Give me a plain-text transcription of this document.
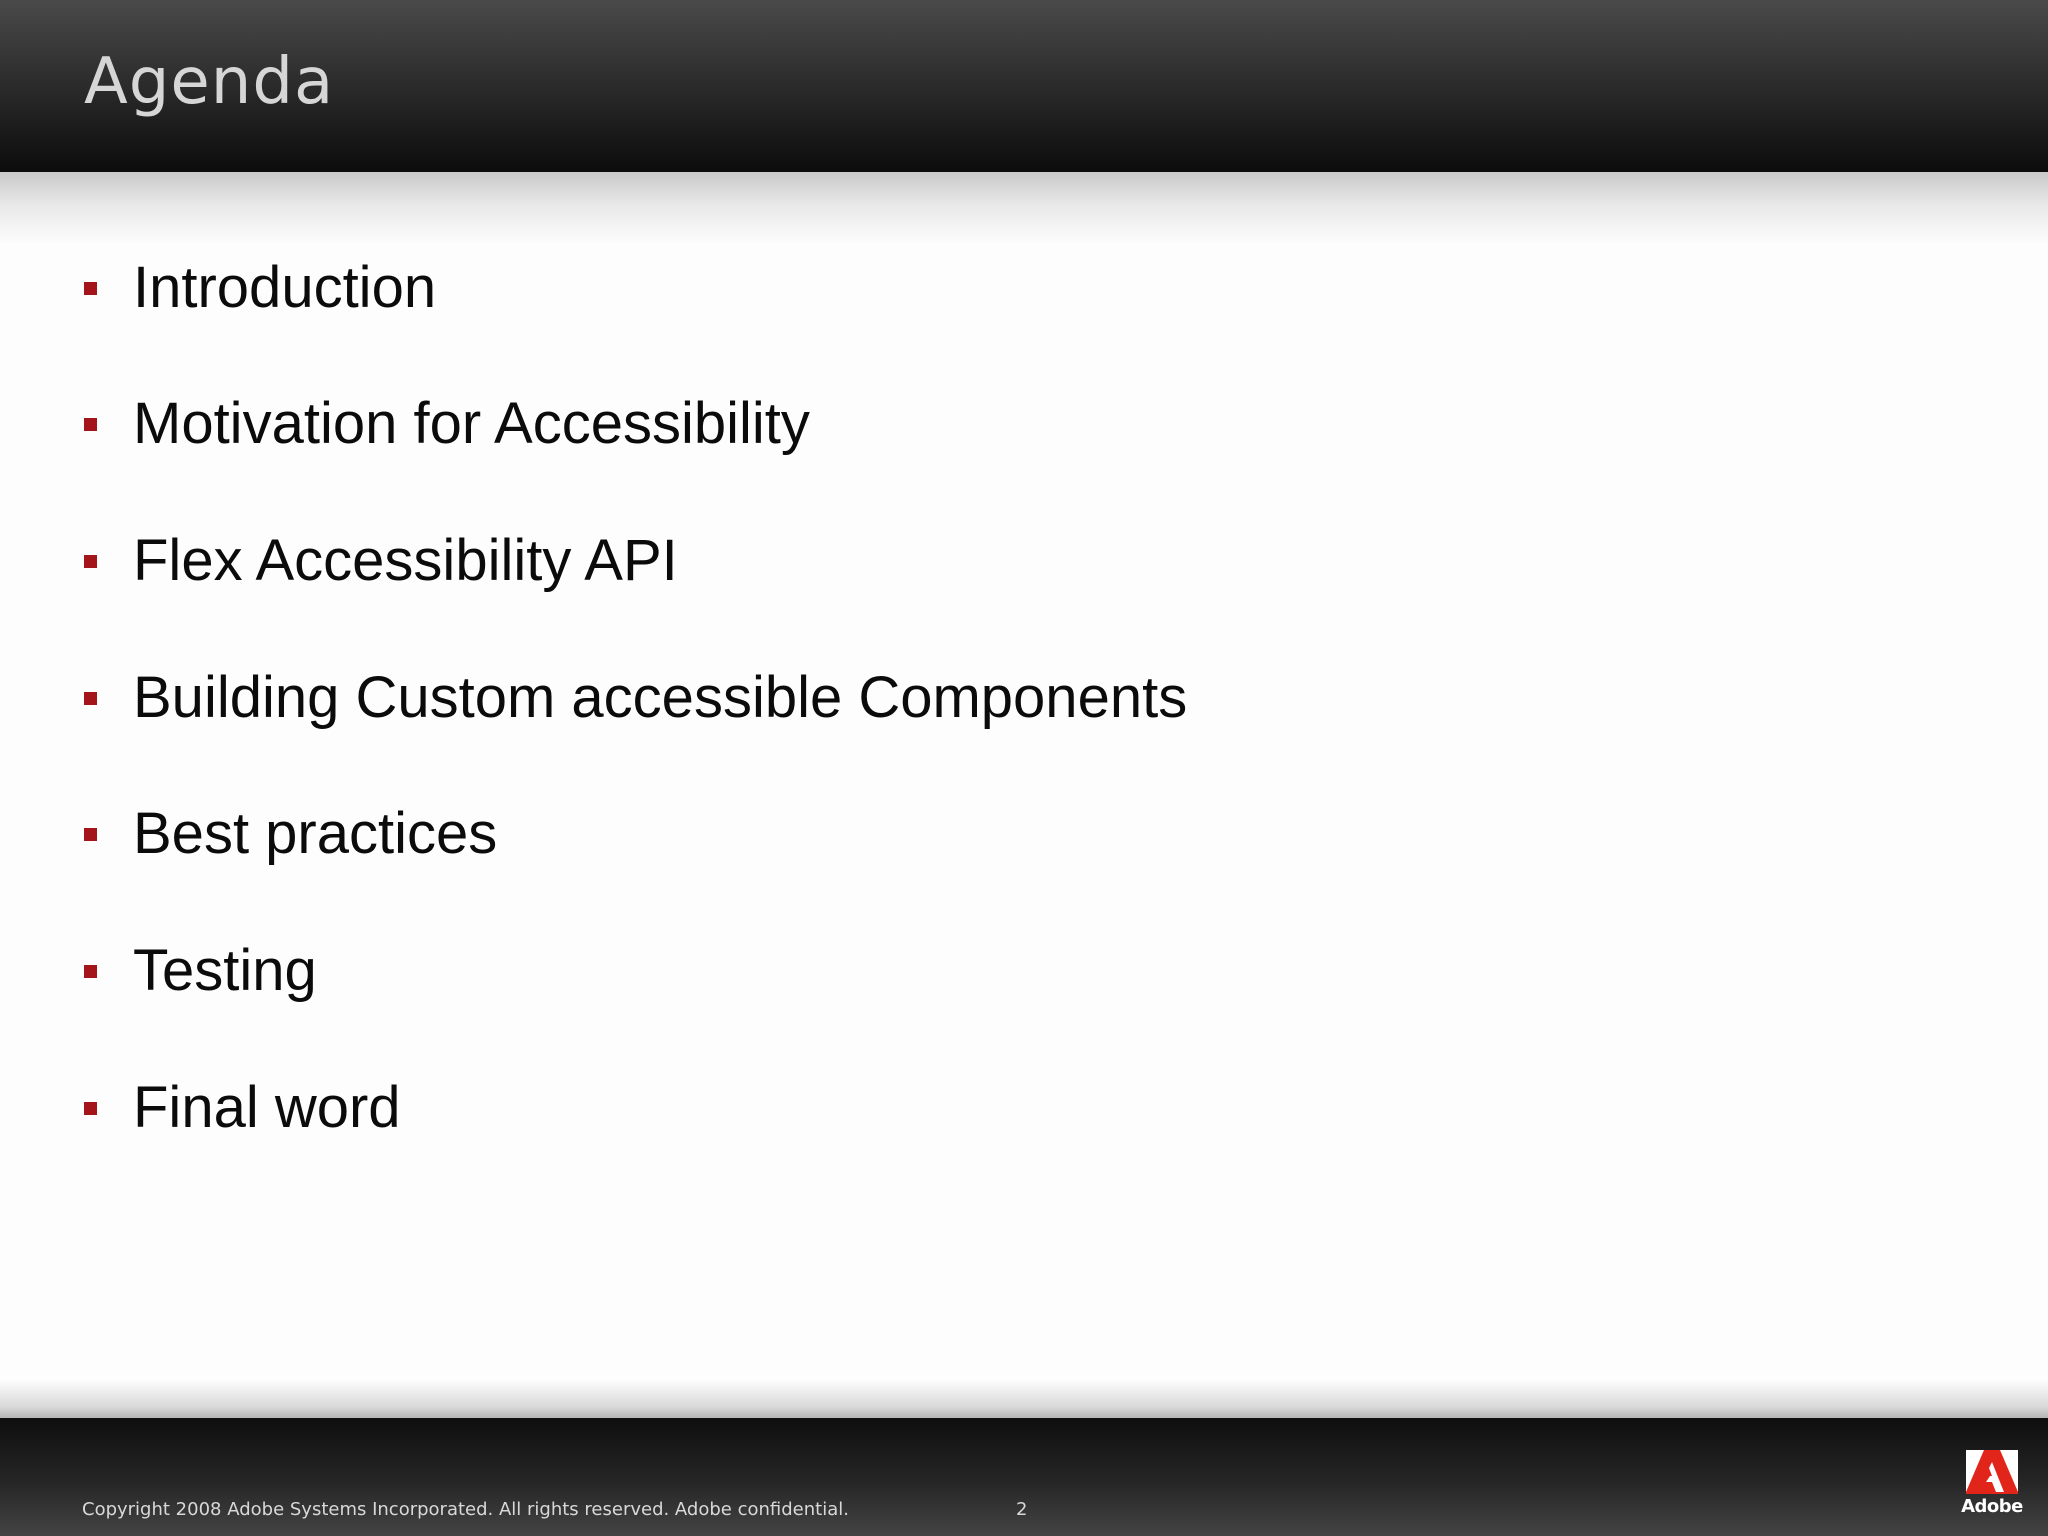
Agenda
Introduction
Motivation for Accessibility
Flex Accessibility API
Building Custom accessible Components
Best practices
Testing
Final word
Copyright 2008 Adobe Systems Incorporated. All rights reserved. Adobe confidential.	2	Adobe
